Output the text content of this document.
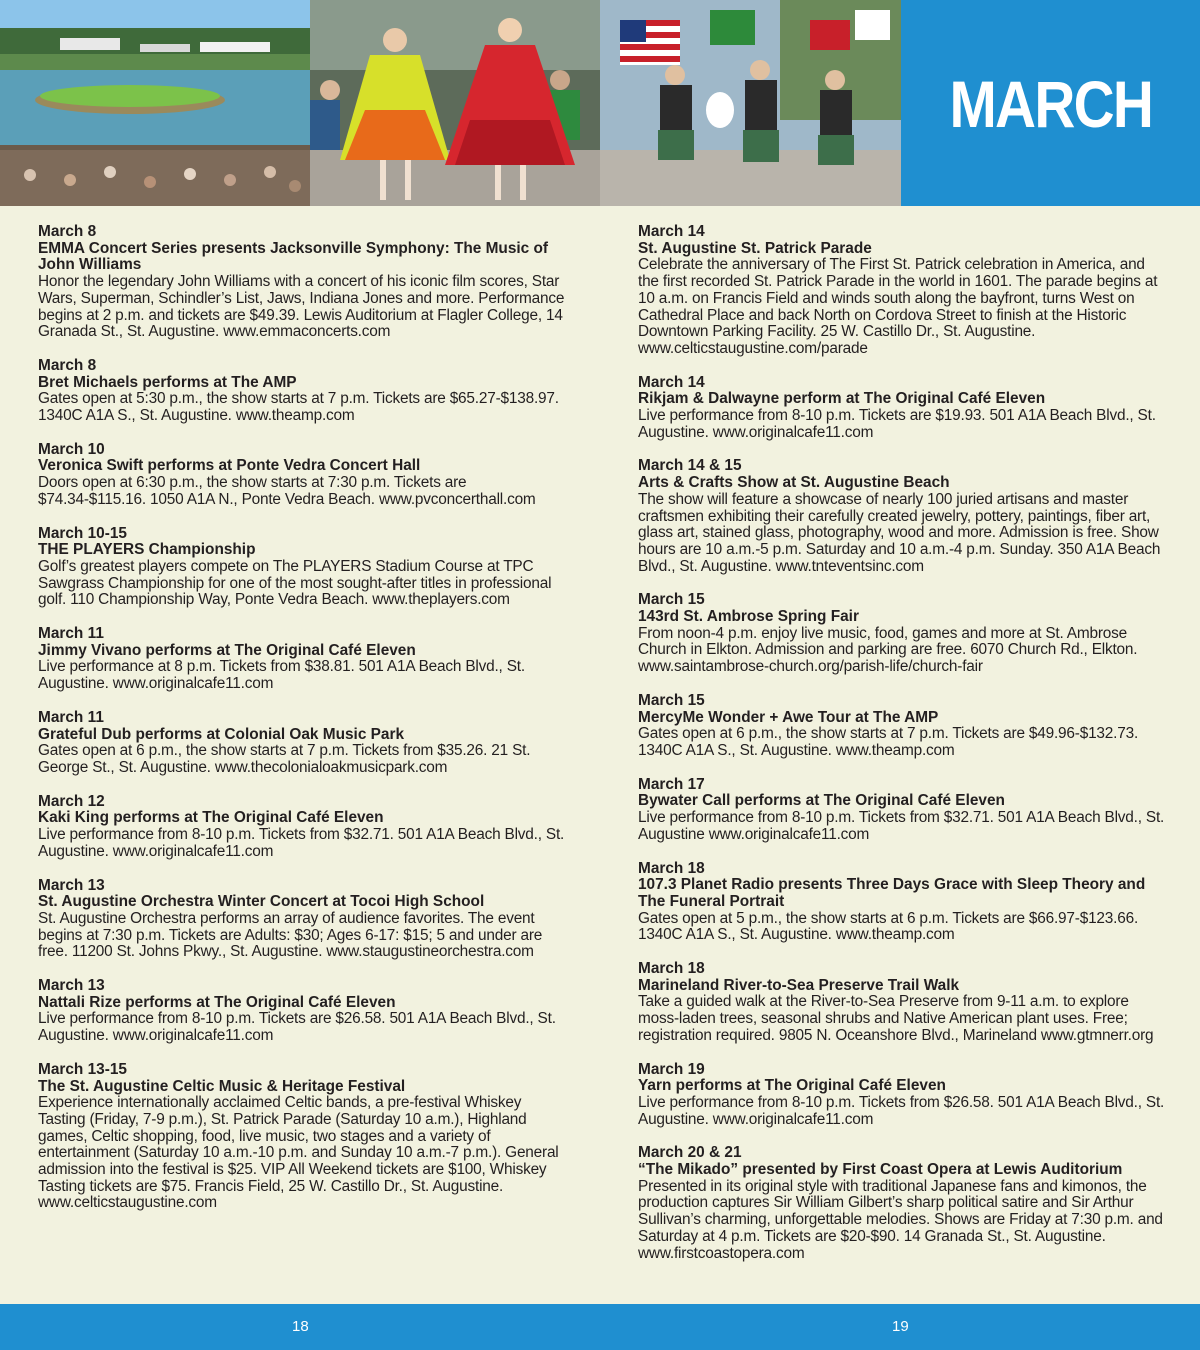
MARCH
March 8
EMMA Concert Series presents Jacksonville Symphony: The Music of John Williams
Honor the legendary John Williams with a concert of his iconic film scores, Star Wars, Superman, Schindler’s List, Jaws, Indiana Jones and more. Performance begins at 2 p.m. and tickets are $49.39. Lewis Auditorium at Flagler College, 14 Granada St., St. Augustine. www.emmaconcerts.com
March 8
Bret Michaels performs at The AMP
Gates open at 5:30 p.m., the show starts at 7 p.m. Tickets are $65.27-$138.97. 1340C A1A S., St. Augustine. www.theamp.com
March 10
Veronica Swift performs at Ponte Vedra Concert Hall
Doors open at 6:30 p.m., the show starts at 7:30 p.m. Tickets are $74.34-$115.16. 1050 A1A N., Ponte Vedra Beach. www.pvconcerthall.com
March 10-15
THE PLAYERS Championship
Golf’s greatest players compete on The PLAYERS Stadium Course at TPC Sawgrass Championship for one of the most sought-after titles in professional golf. 110 Championship Way, Ponte Vedra Beach. www.theplayers.com
March 11
Jimmy Vivano performs at The Original Café Eleven
Live performance at 8 p.m. Tickets from $38.81. 501 A1A Beach Blvd., St. Augustine. www.originalcafe11.com
March 11
Grateful Dub performs at Colonial Oak Music Park
Gates open at 6 p.m., the show starts at 7 p.m. Tickets from $35.26. 21 St. George St., St. Augustine. www.thecolonialoakmusicpark.com
March 12
Kaki King performs at The Original Café Eleven
Live performance from 8-10 p.m. Tickets from $32.71. 501 A1A Beach Blvd., St. Augustine. www.originalcafe11.com
March 13
St. Augustine Orchestra Winter Concert at Tocoi High School
St. Augustine Orchestra performs an array of audience favorites. The event begins at 7:30 p.m. Tickets are Adults: $30; Ages 6-17: $15; 5 and under are free. 11200 St. Johns Pkwy., St. Augustine. www.staugustineorchestra.com
March 13
Nattali Rize performs at The Original Café Eleven
Live performance from 8-10 p.m. Tickets are $26.58. 501 A1A Beach Blvd., St. Augustine. www.originalcafe11.com
March 13-15
The St. Augustine Celtic Music & Heritage Festival
Experience internationally acclaimed Celtic bands, a pre-festival Whiskey Tasting (Friday, 7-9 p.m.), St. Patrick Parade (Saturday 10 a.m.), Highland games, Celtic shopping, food, live music, two stages and a variety of entertainment (Saturday 10 a.m.-10 p.m. and Sunday 10 a.m.-7 p.m.). General admission into the festival is $25. VIP All Weekend tickets are $100, Whiskey Tasting tickets are $75. Francis Field, 25 W. Castillo Dr., St. Augustine. www.celticstaugustine.com
March 14
St. Augustine St. Patrick Parade
Celebrate the anniversary of The First St. Patrick celebration in America, and the first recorded St. Patrick Parade in the world in 1601. The parade begins at 10 a.m. on Francis Field and winds south along the bayfront, turns West on Cathedral Place and back North on Cordova Street to finish at the Historic Downtown Parking Facility. 25 W. Castillo Dr., St. Augustine. www.celticstaugustine.com/parade
March 14
Rikjam & Dalwayne perform at The Original Café Eleven
Live performance from 8-10 p.m. Tickets are $19.93. 501 A1A Beach Blvd., St. Augustine. www.originalcafe11.com
March 14 & 15
Arts & Crafts Show at St. Augustine Beach
The show will feature a showcase of nearly 100 juried artisans and master craftsmen exhibiting their carefully created jewelry, pottery, paintings, fiber art, glass art, stained glass, photography, wood and more. Admission is free. Show hours are 10 a.m.-5 p.m. Saturday and 10 a.m.-4 p.m. Sunday. 350 A1A Beach Blvd., St. Augustine. www.tnteventsinc.com
March 15
143rd St. Ambrose Spring Fair
From noon-4 p.m. enjoy live music, food, games and more at St. Ambrose Church in Elkton. Admission and parking are free. 6070 Church Rd., Elkton. www.saintambrose-church.org/parish-life/church-fair
March 15
MercyMe Wonder + Awe Tour at The AMP
Gates open at 6 p.m., the show starts at 7 p.m. Tickets are $49.96-$132.73. 1340C A1A S., St. Augustine. www.theamp.com
March 17
Bywater Call performs at The Original Café Eleven
Live performance from 8-10 p.m. Tickets from $32.71. 501 A1A Beach Blvd., St. Augustine www.originalcafe11.com
March 18
107.3 Planet Radio presents Three Days Grace with Sleep Theory and The Funeral Portrait
Gates open at 5 p.m., the show starts at 6 p.m. Tickets are $66.97-$123.66. 1340C A1A S., St. Augustine. www.theamp.com
March 18
Marineland River-to-Sea Preserve Trail Walk
Take a guided walk at the River-to-Sea Preserve from 9-11 a.m. to explore moss-laden trees, seasonal shrubs and Native American plant uses. Free; registration required. 9805 N. Oceanshore Blvd., Marineland www.gtmnerr.org
March 19
Yarn performs at The Original Café Eleven
Live performance from 8-10 p.m. Tickets from $26.58. 501 A1A Beach Blvd., St. Augustine. www.originalcafe11.com
March 20 & 21
“The Mikado” presented by First Coast Opera at Lewis Auditorium
Presented in its original style with traditional Japanese fans and kimonos, the production captures Sir William Gilbert’s sharp political satire and Sir Arthur Sullivan’s charming, unforgettable melodies. Shows are Friday at 7:30 p.m. and Saturday at 4 p.m. Tickets are $20-$90. 14 Granada St., St. Augustine. www.firstcoastopera.com
18	19
